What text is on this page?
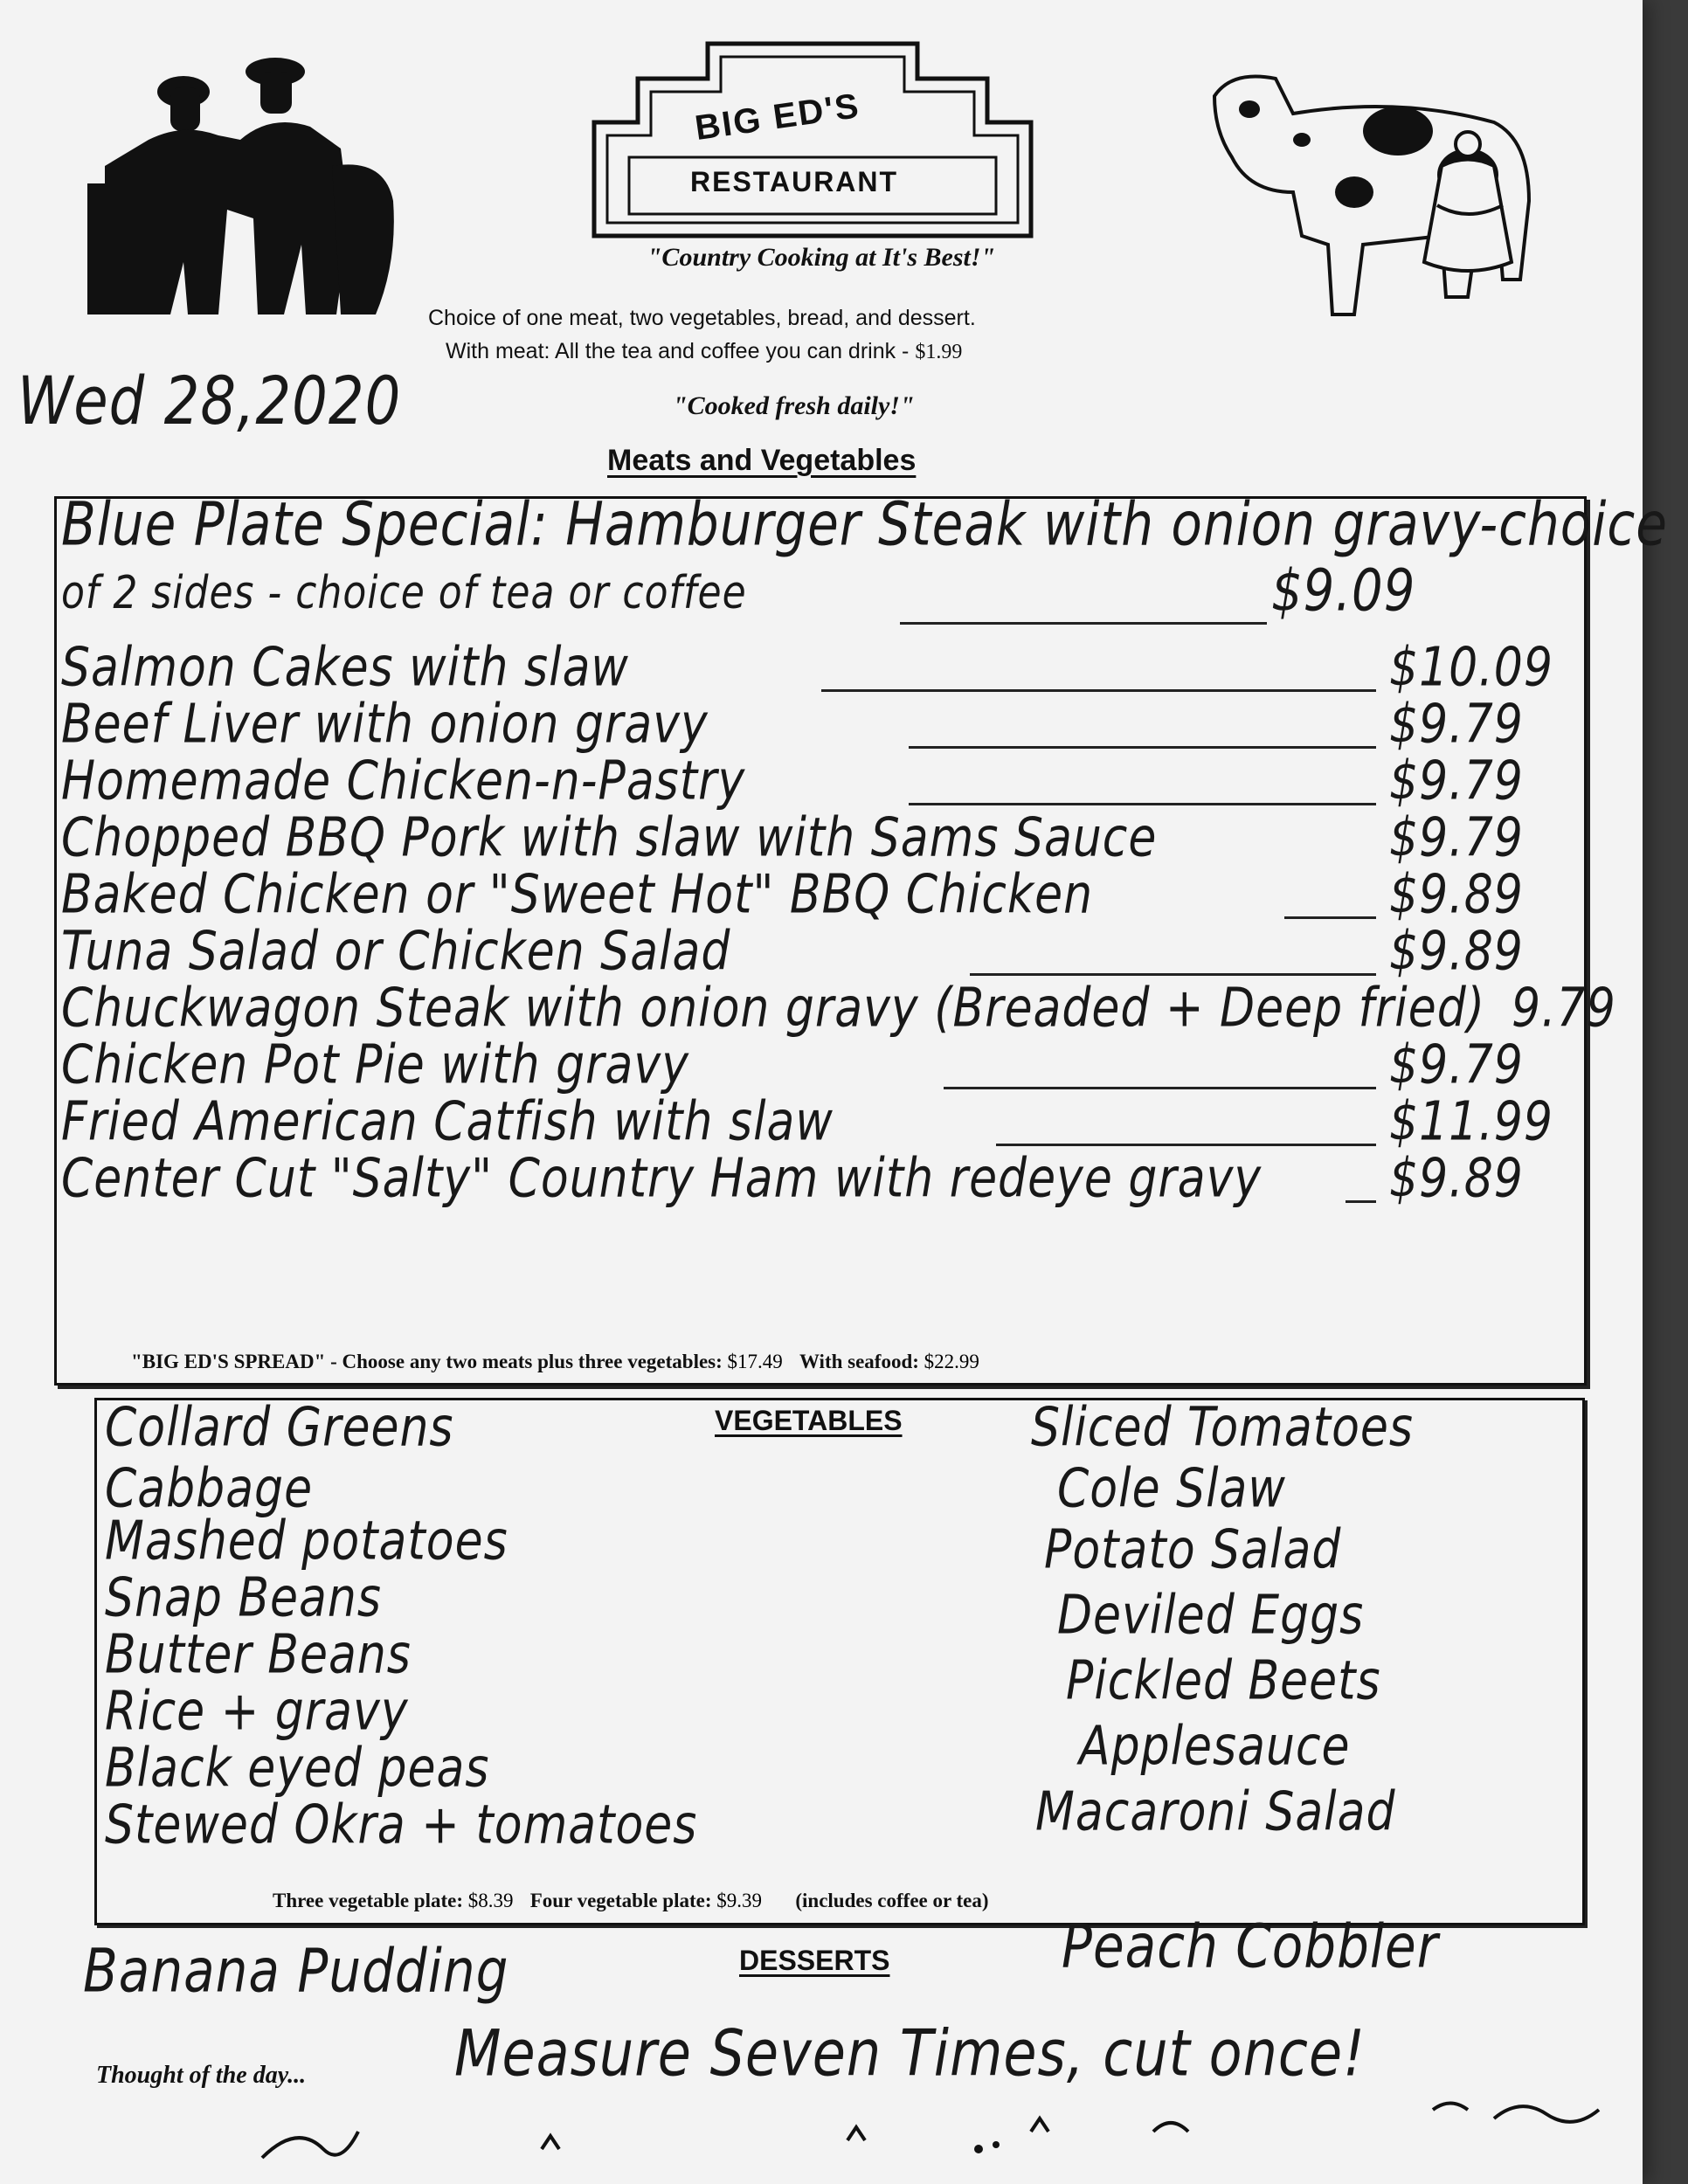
BIG ED'S
RESTAURANT
"Country Cooking at It's Best!"
Choice of one meat, two vegetables, bread, and dessert.
With meat: All the tea and coffee you can drink - $1.99
"Cooked fresh daily!"
Wed 28,2020
Meats and Vegetables
Blue Plate Special: Hamburger Steak with onion gravy-choice
of 2 sides - choice of tea or coffee	$9.09
Salmon Cakes with slaw	$10.09
Beef Liver with onion gravy	$9.79
Homemade Chicken-n-Pastry	$9.79
Chopped BBQ Pork with slaw with Sams Sauce	$9.79
Baked Chicken or "Sweet Hot" BBQ Chicken	$9.89
Tuna Salad or Chicken Salad	$9.89
Chuckwagon Steak with onion gravy (Breaded + Deep fried) 9.79
Chicken Pot Pie with gravy	$9.79
Fried American Catfish with slaw	$11.99
Center Cut "Salty" Country Ham with redeye gravy	$9.89
"BIG ED'S SPREAD" - Choose any two meats plus three vegetables: $17.49 With seafood: $22.99
VEGETABLES
Collard Greens
Cabbage
Mashed potatoes
Snap Beans
Butter Beans
Rice + gravy
Black eyed peas
Stewed Okra + tomatoes
Sliced Tomatoes
Cole Slaw
Potato Salad
Deviled Eggs
Pickled Beets
Applesauce
Macaroni Salad
Three vegetable plate: $8.39 Four vegetable plate: $9.39 (includes coffee or tea)
DESSERTS
Banana Pudding	Peach Cobbler
Thought of the day...	Measure Seven Times, cut once!
